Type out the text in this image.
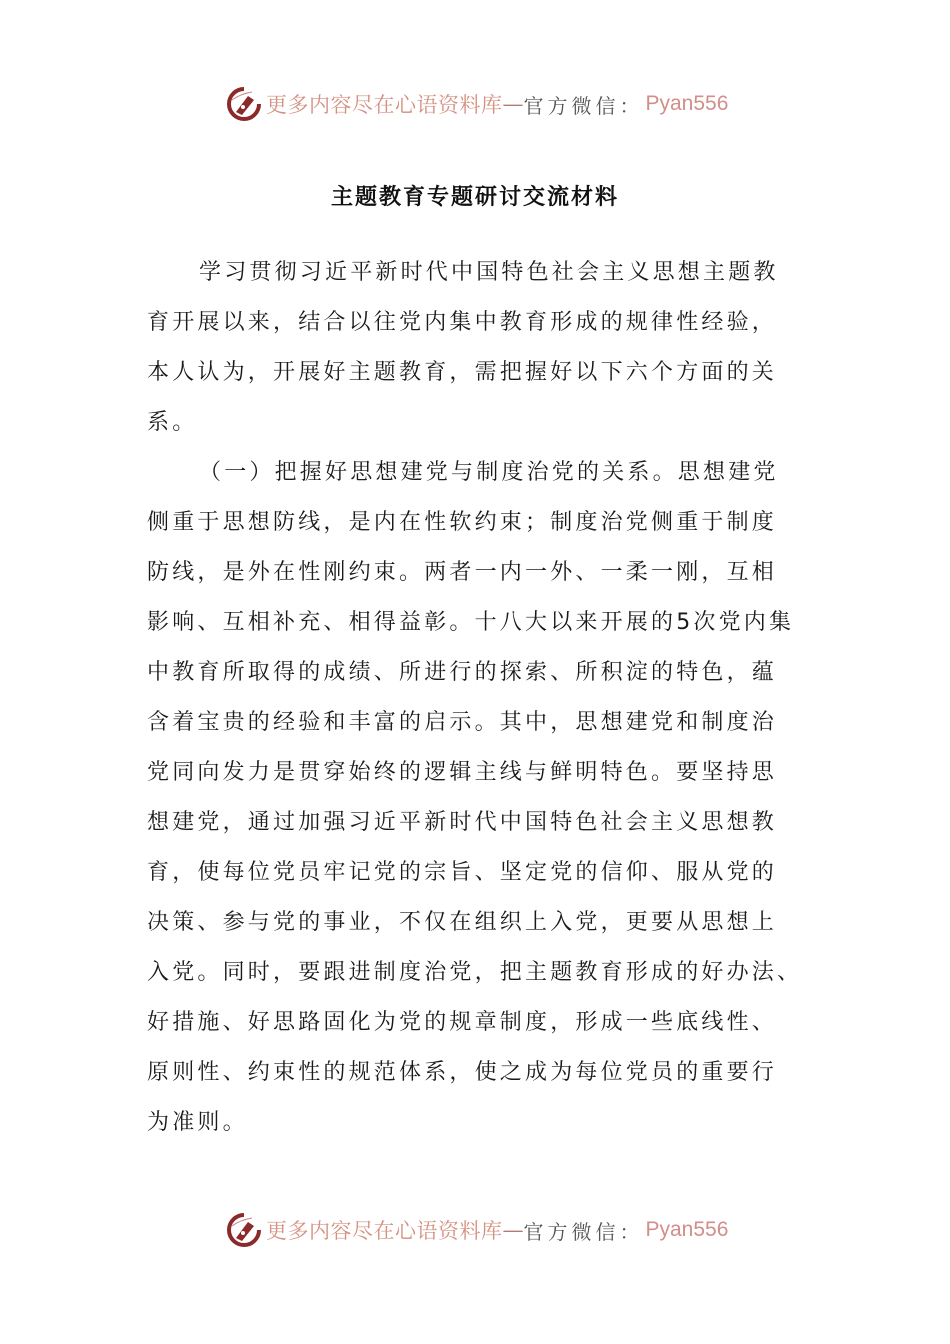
更多内容尽在心语资料库 — 官方微信： Pyan556
主题教育专题研讨交流材料
学习贯彻习近平新时代中国特色社会主义思想主题教
育开展以来，结合以往党内集中教育形成的规律性经验，
本人认为，开展好主题教育，需把握好以下六个方面的关
系。
（一）把握好思想建党与制度治党的关系。思想建党
侧重于思想防线，是内在性软约束；制度治党侧重于制度
防线，是外在性刚约束。两者一内一外、一柔一刚，互相
影响、互相补充、相得益彰。十八大以来开展的5次党内集
中教育所取得的成绩、所进行的探索、所积淀的特色，蕴
含着宝贵的经验和丰富的启示。其中，思想建党和制度治
党同向发力是贯穿始终的逻辑主线与鲜明特色。要坚持思
想建党，通过加强习近平新时代中国特色社会主义思想教
育，使每位党员牢记党的宗旨、坚定党的信仰、服从党的
决策、参与党的事业，不仅在组织上入党，更要从思想上
入党。同时，要跟进制度治党，把主题教育形成的好办法、
好措施、好思路固化为党的规章制度，形成一些底线性、
原则性、约束性的规范体系，使之成为每位党员的重要行
为准则。
更多内容尽在心语资料库 — 官方微信： Pyan556
